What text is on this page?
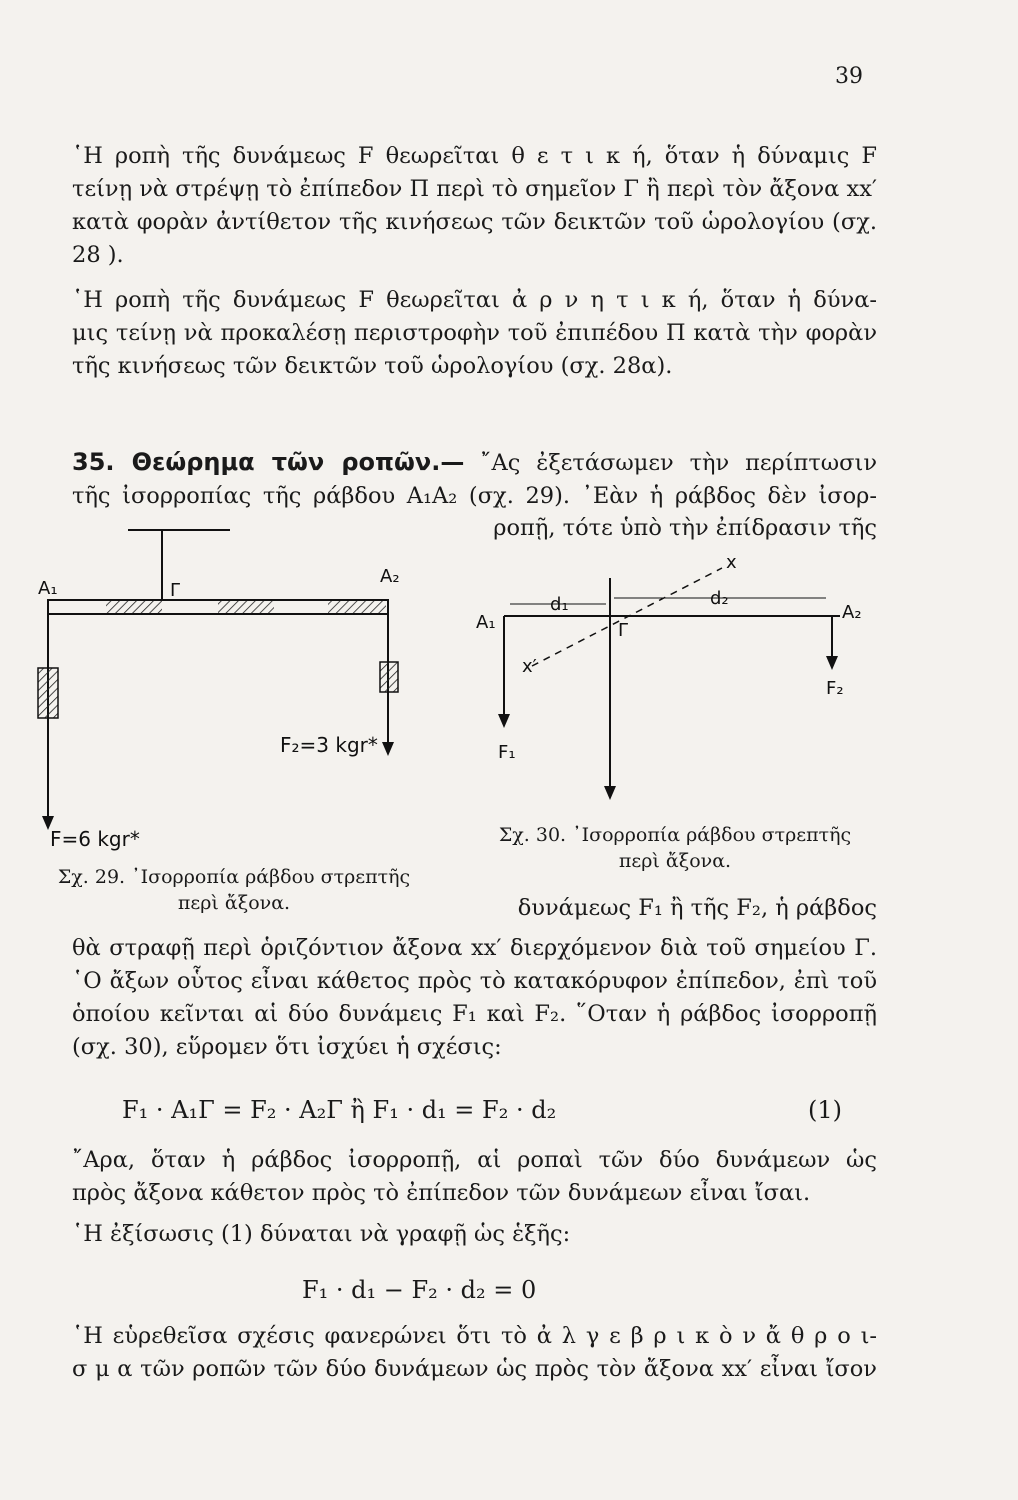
39
῾Η ροπὴ τῆς δυνάμεως F θεωρεῖται θ ε τ ι κ ή, ὅταν ἡ δύναμις F
τείνῃ νὰ στρέψῃ τὸ ἐπίπεδον Π περὶ τὸ σημεῖον Γ ἢ περὶ τὸν ἄξονα xx′
κατὰ φορὰν ἀντίθετον τῆς κινήσεως τῶν δεικτῶν τοῦ ὡρολογίου (σχ.
28 ).
῾Η ροπὴ τῆς δυνάμεως F θεωρεῖται ἀ ρ ν η τ ι κ ή, ὅταν ἡ δύνα-
μις τείνῃ νὰ προκαλέσῃ περιστροφὴν τοῦ ἐπιπέδου Π κατὰ τὴν φορὰν
τῆς κινήσεως τῶν δεικτῶν τοῦ ὡρολογίου (σχ. 28α).
35. Θεώρημα τῶν ροπῶν.— ῎Ας ἐξετάσωμεν τὴν περίπτωσιν
τῆς ἰσορροπίας τῆς ράβδου A₁A₂ (σχ. 29). ᾿Εὰν ἡ ράβδος δὲν ἰσορ-
ροπῇ, τότε ὑπὸ τὴν ἐπίδρασιν τῆς
A₁	Γ
A₂
F₂=3 kgr*
F=6 kgr*
Σχ. 29. ᾿Ισορροπία ράβδου στρεπτῆς
περὶ ἄξονα.
d₁	d₂
A₁	Γ
A₂
F₁
F₂
x
x′
Σχ. 30. ᾿Ισορροπία ράβδου στρεπτῆς
περὶ ἄξονα.
δυνάμεως F₁ ἢ τῆς F₂, ἡ ράβδος
θὰ στραφῇ περὶ ὁριζόντιον ἄξονα xx′ διερχόμενον διὰ τοῦ σημείου Γ.
῾Ο ἄξων οὗτος εἶναι κάθετος πρὸς τὸ κατακόρυφον ἐπίπεδον, ἐπὶ τοῦ
ὁποίου κεῖνται αἱ δύο δυνάμεις F₁ καὶ F₂. ῞Οταν ἡ ράβδος ἰσορροπῇ
(σχ. 30), εὕρομεν ὅτι ἰσχύει ἡ σχέσις:
F₁ · A₁Γ = F₂ · A₂Γ ἢ F₁ · d₁ = F₂ · d₂	(1)
῎Αρα, ὅταν ἡ ράβδος ἰσορροπῇ, αἱ ροπαὶ τῶν δύο δυνάμεων ὡς
πρὸς ἄξονα κάθετον πρὸς τὸ ἐπίπεδον τῶν δυνάμεων εἶναι ἴσαι.
῾Η ἐξίσωσις (1) δύναται νὰ γραφῇ ὡς ἑξῆς:
F₁ · d₁ − F₂ · d₂ = 0
῾Η εὑρεθεῖσα σχέσις φανερώνει ὅτι τὸ ἀ λ γ ε β ρ ι κ ὸ ν ἄ θ ρ ο ι-
σ μ α τῶν ροπῶν τῶν δύο δυνάμεων ὡς πρὸς τὸν ἄξονα xx′ εἶναι ἴσον
